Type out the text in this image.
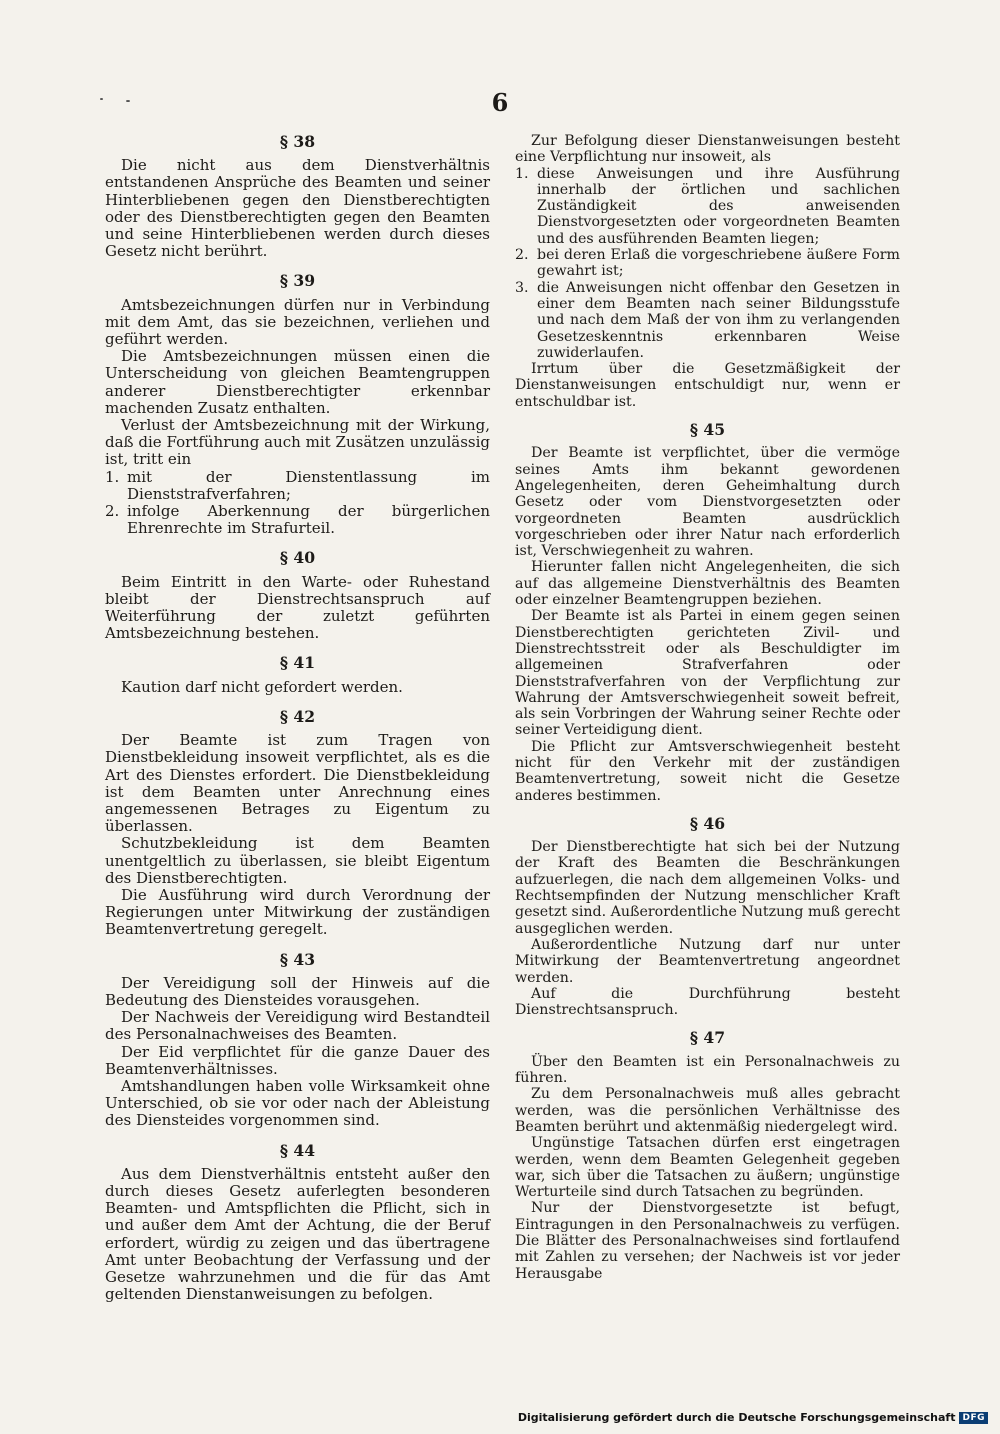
6
§ 38

Die nicht aus dem Dienstverhältnis entstandenen Ansprüche des Beamten und seiner Hinterbliebenen gegen den Dienstberechtigten oder des Dienstberechtigten gegen den Beamten und seine Hinterbliebenen werden durch dieses Gesetz nicht berührt.

§ 39

Amtsbezeichnungen dürfen nur in Verbindung mit dem Amt, das sie bezeichnen, verliehen und geführt werden.

Die Amtsbezeichnungen müssen einen die Unterscheidung von gleichen Beamtengruppen anderer Dienstberechtigter erkennbar machenden Zusatz enthalten.

Verlust der Amtsbezeichnung mit der Wirkung, daß die Fortführung auch mit Zusätzen unzulässig ist, tritt ein

1. mit der Dienstentlassung im Dienststrafverfahren;
2. infolge Aberkennung der bürgerlichen Ehrenrechte im Strafurteil.
§ 40

Beim Eintritt in den Warte- oder Ruhestand bleibt der Dienstrechtsanspruch auf Weiterführung der zuletzt geführten Amtsbezeichnung bestehen.

§ 41

Kaution darf nicht gefordert werden.

§ 42

Der Beamte ist zum Tragen von Dienstbekleidung insoweit verpflichtet, als es die Art des Dienstes erfordert. Die Dienstbekleidung ist dem Beamten unter Anrechnung eines angemessenen Betrages zu Eigentum zu überlassen.

Schutzbekleidung ist dem Beamten unentgeltlich zu überlassen, sie bleibt Eigentum des Dienstberechtigten.

Die Ausführung wird durch Verordnung der Regierungen unter Mitwirkung der zuständigen Beamtenvertretung geregelt.

§ 43

Der Vereidigung soll der Hinweis auf die Bedeutung des Diensteides vorausgehen.

Der Nachweis der Vereidigung wird Bestandteil des Personalnachweises des Beamten.

Der Eid verpflichtet für die ganze Dauer des Beamtenverhältnisses.

Amtshandlungen haben volle Wirksamkeit ohne Unterschied, ob sie vor oder nach der Ableistung des Diensteides vorgenommen sind.

§ 44

Aus dem Dienstverhältnis entsteht außer den durch dieses Gesetz auferlegten besonderen Beamten- und Amtspflichten die Pflicht, sich in und außer dem Amt der Achtung, die der Beruf erfordert, würdig zu zeigen und das übertragene Amt unter Beobachtung der Verfassung und der Gesetze wahrzunehmen und die für das Amt geltenden Dienstanweisungen zu befolgen.

Zur Befolgung dieser Dienstanweisungen besteht eine Verpflichtung nur insoweit, als

1. diese Anweisungen und ihre Ausführung innerhalb der örtlichen und sachlichen Zuständigkeit des anweisenden Dienstvorgesetzten oder vorgeordneten Beamten und des ausführenden Beamten liegen;
2. bei deren Erlaß die vorgeschriebene äußere Form gewahrt ist;
3. die Anweisungen nicht offenbar den Gesetzen in einer dem Beamten nach seiner Bildungsstufe und nach dem Maß der von ihm zu verlangenden Gesetzeskenntnis erkennbaren Weise zuwiderlaufen.

Irrtum über die Gesetzmäßigkeit der Dienstanweisungen entschuldigt nur, wenn er entschuldbar ist.

§ 45

Der Beamte ist verpflichtet, über die vermöge seines Amts ihm bekannt gewordenen Angelegenheiten, deren Geheimhaltung durch Gesetz oder vom Dienstvorgesetzten oder vorgeordneten Beamten ausdrücklich vorgeschrieben oder ihrer Natur nach erforderlich ist, Verschwiegenheit zu wahren.

Hierunter fallen nicht Angelegenheiten, die sich auf das allgemeine Dienstverhältnis des Beamten oder einzelner Beamtengruppen beziehen.

Der Beamte ist als Partei in einem gegen seinen Dienstberechtigten gerichteten Zivil- und Dienstrechtsstreit oder als Beschuldigter im allgemeinen Strafverfahren oder Dienststrafverfahren von der Verpflichtung zur Wahrung der Amtsverschwiegenheit soweit befreit, als sein Vorbringen der Wahrung seiner Rechte oder seiner Verteidigung dient.

Die Pflicht zur Amtsverschwiegenheit besteht nicht für den Verkehr mit der zuständigen Beamtenvertretung, soweit nicht die Gesetze anderes bestimmen.

§ 46

Der Dienstberechtigte hat sich bei der Nutzung der Kraft des Beamten die Beschränkungen aufzuerlegen, die nach dem allgemeinen Volks- und Rechtsempfinden der Nutzung menschlicher Kraft gesetzt sind. Außerordentliche Nutzung muß gerecht ausgeglichen werden.

Außerordentliche Nutzung darf nur unter Mitwirkung der Beamtenvertretung angeordnet werden.

Auf die Durchführung besteht Dienstrechtsanspruch.

§ 47

Über den Beamten ist ein Personalnachweis zu führen.

Zu dem Personalnachweis muß alles gebracht werden, was die persönlichen Verhältnisse des Beamten berührt und aktenmäßig niedergelegt wird.

Ungünstige Tatsachen dürfen erst eingetragen werden, wenn dem Beamten Gelegenheit gegeben war, sich über die Tatsachen zu äußern; ungünstige Werturteile sind durch Tatsachen zu begründen.

Nur der Dienstvorgesetzte ist befugt, Eintragungen in den Personalnachweis zu verfügen. Die Blätter des Personalnachweises sind fortlaufend mit Zahlen zu versehen; der Nachweis ist vor jeder Herausgabe

Digitalisierung gefördert durch die Deutsche Forschungsgemeinschaft DFG
